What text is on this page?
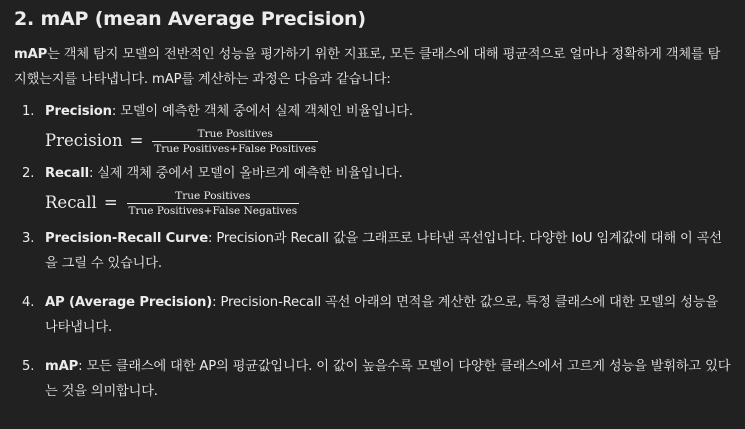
2. mAP (mean Average Precision)

mAP는 객체 탐지 모델의 전반적인 성능을 평가하기 위한 지표로, 모든 클래스에 대해 평균적으로 얼마나 정확하게 객체를 탐지했는지를 나타냅니다. mAP를 계산하는 과정은 다음과 같습니다:

1. Precision: 모델이 예측한 객체 중에서 실제 객체인 비율입니다.
Precision = $\frac{\text{True Positives}}{\text{True Positives+False Positives}}$
2. Recall: 실제 객체 중에서 모델이 올바르게 예측한 비율입니다.
Recall = $\frac{\text{True Positives}}{\text{True Positives+False Negatives}}$
3. Precision-Recall Curve: Precision과 Recall 값을 그래프로 나타낸 곡선입니다. 다양한 IoU 임계값에 대해 이 곡선을 그릴 수 있습니다.
4. AP (Average Precision): Precision-Recall 곡선 아래의 면적을 계산한 값으로, 특정 클래스에 대한 모델의 성능을 나타냅니다.
5. mAP: 모든 클래스에 대한 AP의 평균값입니다. 이 값이 높을수록 모델이 다양한 클래스에서 고르게 성능을 발휘하고 있다는 것을 의미합니다.
